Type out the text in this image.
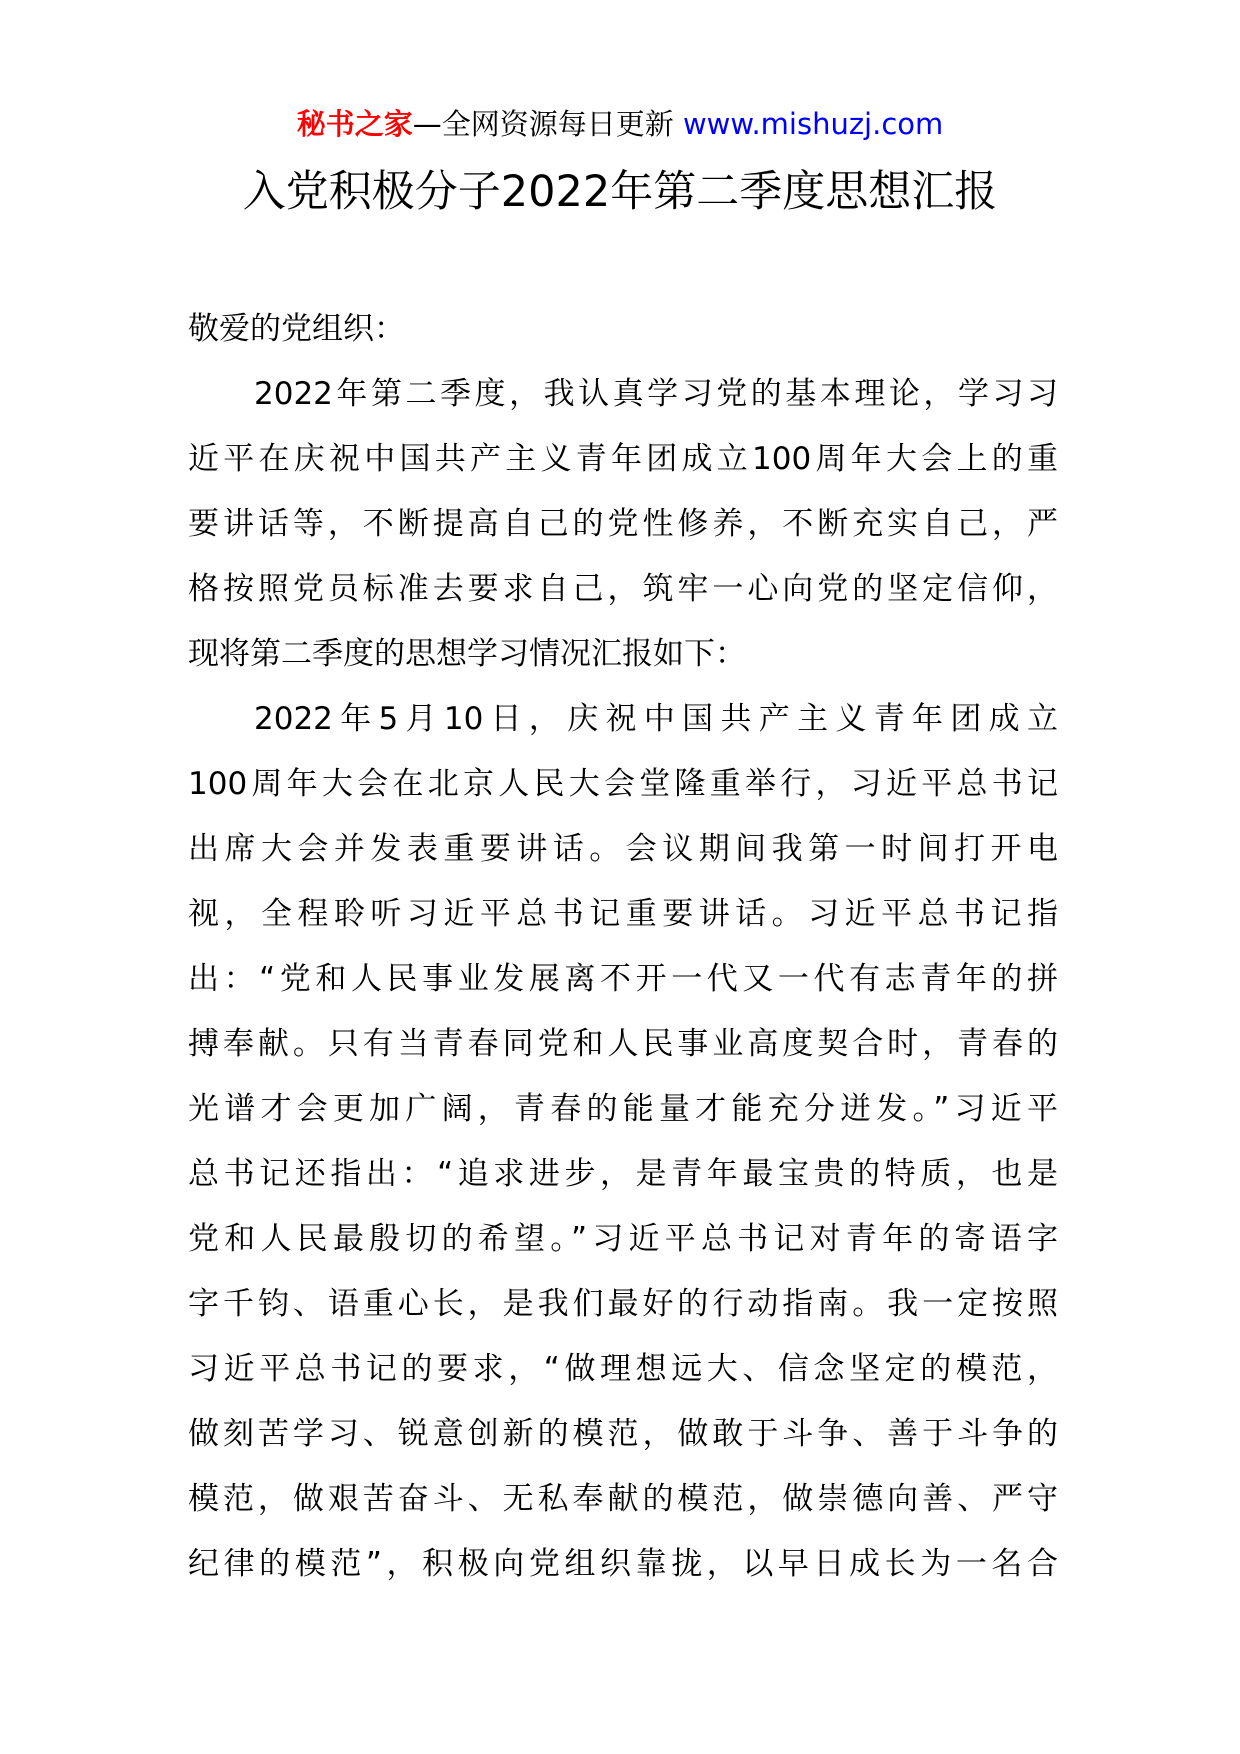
秘书之家—全网资源每日更新 www.mishuzj.com
入党积极分子2022年第二季度思想汇报
敬爱的党组织：
2022年第二季度，我认真学习党的基本理论，学习习
近平在庆祝中国共产主义青年团成立100周年大会上的重
要讲话等，不断提高自己的党性修养，不断充实自己，严
格按照党员标准去要求自己，筑牢一心向党的坚定信仰，
现将第二季度的思想学习情况汇报如下：
2022年5月10日，庆祝中国共产主义青年团成立
100周年大会在北京人民大会堂隆重举行，习近平总书记
出席大会并发表重要讲话。会议期间我第一时间打开电
视，全程聆听习近平总书记重要讲话。习近平总书记指
出：“党和人民事业发展离不开一代又一代有志青年的拼
搏奉献。只有当青春同党和人民事业高度契合时，青春的
光谱才会更加广阔，青春的能量才能充分迸发。”习近平
总书记还指出：“追求进步，是青年最宝贵的特质，也是
党和人民最殷切的希望。”习近平总书记对青年的寄语字
字千钧、语重心长，是我们最好的行动指南。我一定按照
习近平总书记的要求，“做理想远大、信念坚定的模范，
做刻苦学习、锐意创新的模范，做敢于斗争、善于斗争的
模范，做艰苦奋斗、无私奉献的模范，做崇德向善、严守
纪律的模范”，积极向党组织靠拢，以早日成长为一名合
